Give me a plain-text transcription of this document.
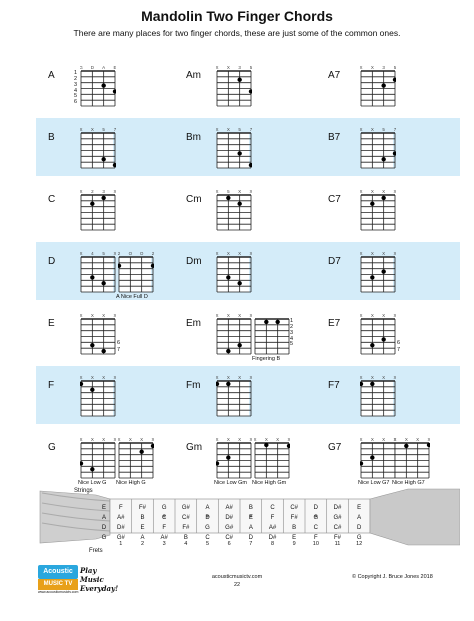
Mandolin Two Finger Chords
There are many places for two finger chords, these are just some of the common ones.
A
G D A E
1
2
3
4
5
6
Am
X X 3 5
A7
X X 3 5
B
X X 5 7
Bm
X X 5 7
B7
X X 5 7
C
X 2 3 X
Cm
X 5 X X
C7
X X X X
D
X 4 5 X 2 O O 2
A Nice Full D
Dm
X X X X
D7
X X X X
E
X X X X
6
7
Em
X X X X
1
2
3
4
5
Fingering B
E7
X X X X
6
7
F
X X X X
Fm
X X X X
F7
X X X X
G
X X X X
Nice Low G
X X X X
Nice High G
Gm
X X X X
Nice Low Gm
X X X X
Nice High Gm
G7
X X X X
Nice Low G7
X X X X
Nice High G7
E
A
D
G
F	F#	G	G#	A	A#	B	C	C#	D	D#	E
A#	B	C	C#	D	D#	E	F	F#	G	G#	A
D#	E	F	F#	G	G#	A	A#	B	C	C#	D
G#	A	A#	B	C	C#	D	D#	E	F	F#	G
1	2	3	4	5	6	7	8	9	10	11	12
Strings
Frets
Acoustic
MUSIC TV
Play Music
Everyday!
www.acousticmusictv.com
acousticmusictv.com
22
© Copyright J. Bruce Jones 2018
